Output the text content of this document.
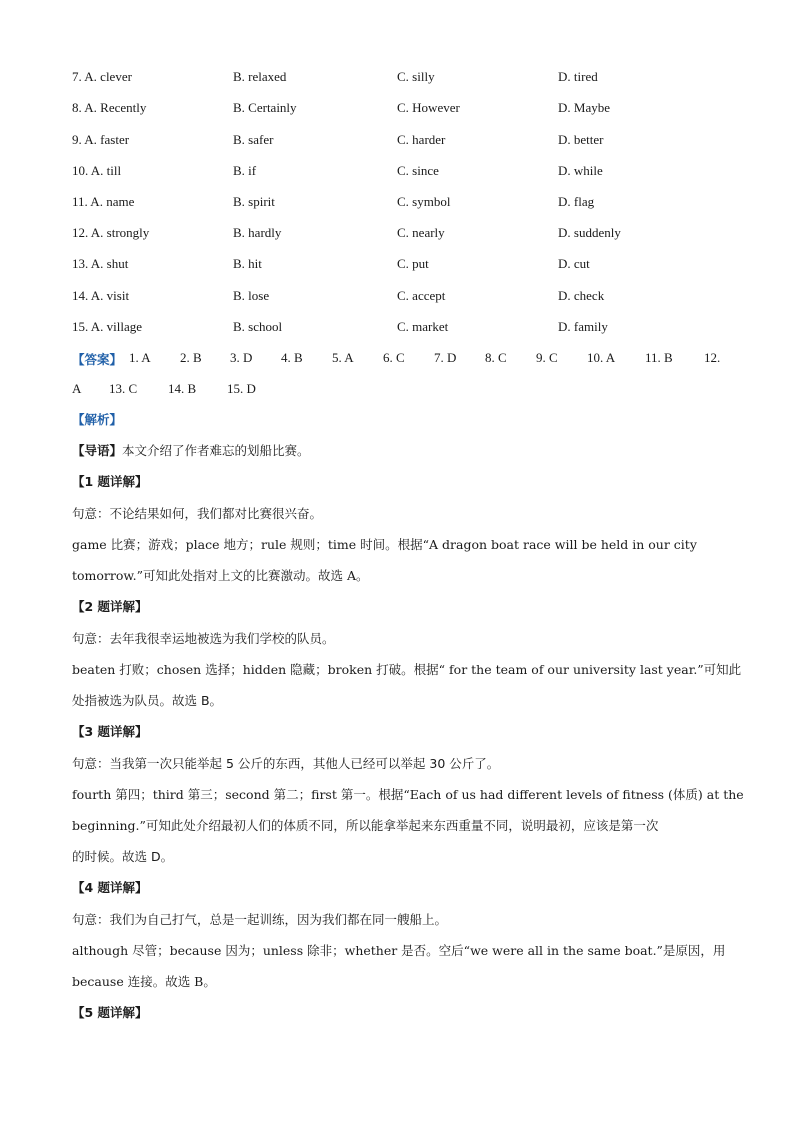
7. A. clever	B. relaxed	C. silly	D. tired
8. A. Recently	B. Certainly	C. However	D. Maybe
9. A. faster	B. safer	C. harder	D. better
10. A. till	B. if	C. since	D. while
11. A. name	B. spirit	C. symbol	D. flag
12. A. strongly	B. hardly	C. nearly	D. suddenly
13. A. shut	B. hit	C. put	D. cut
14. A. visit	B. lose	C. accept	D. check
15. A. village	B. school	C. market	D. family
【答案】 1. A 2. B 3. D 4. B 5. A 6. C 7. D 8. C 9. C 10. A 11. B 12.
A 13. C 14. B 15. D
【解析】
【导语】本文介绍了作者难忘的划船比赛。
【1 题详解】
句意：不论结果如何，我们都对比赛很兴奋。
game 比赛；游戏；place 地方；rule 规则；time 时间。根据“A dragon boat race will be held in our city
tomorrow.”可知此处指对上文的比赛激动。故选 A。
【2 题详解】
句意：去年我很幸运地被选为我们学校的队员。
beaten 打败；chosen 选择；hidden 隐藏；broken 打破。根据“ for the team of our university last year.”可知此
处指被选为队员。故选 B。
【3 题详解】
句意：当我第一次只能举起 5 公斤的东西，其他人已经可以举起 30 公斤了。
fourth 第四；third 第三；second 第二；first 第一。根据“Each of us had different levels of fitness (体质) at the
beginning.”可知此处介绍最初人们的体质不同，所以能拿举起来东西重量不同，说明最初，应该是第一次
的时候。故选 D。
【4 题详解】
句意：我们为自己打气，总是一起训练，因为我们都在同一艘船上。
although 尽管；because 因为；unless 除非；whether 是否。空后“we were all in the same boat.”是原因，用
because 连接。故选 B。
【5 题详解】
